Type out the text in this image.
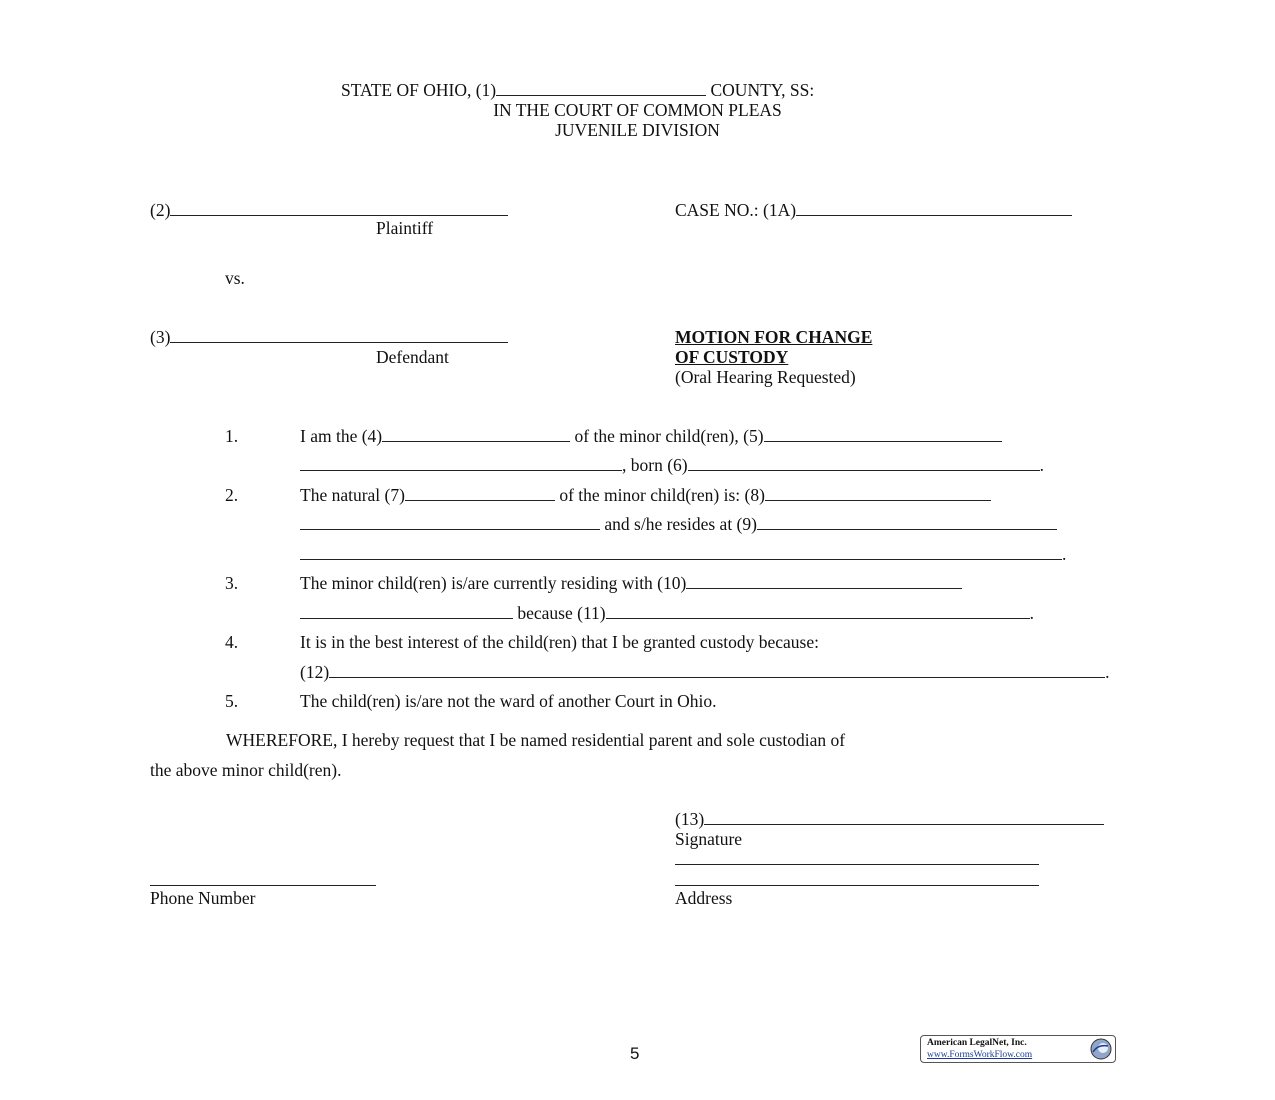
STATE OF OHIO, (1)	COUNTY, SS:
IN THE COURT OF COMMON PLEAS
JUVENILE DIVISION
(2)
Plaintiff
CASE NO.: (1A)
vs.
(3)
Defendant
MOTION FOR CHANGE
OF CUSTODY
(Oral Hearing Requested)
1.	I am the (4)	of the minor child(ren), (5)
, born (6)	.
2.	The natural (7)	of the minor child(ren) is: (8)
and s/he resides at (9)
.
3.	The minor child(ren) is/are currently residing with (10)
because (11)	.
4.	It is in the best interest of the child(ren) that I be granted custody because:
(12)	.
5.	The child(ren) is/are not the ward of another Court in Ohio.
WHEREFORE, I hereby request that I be named residential parent and sole custodian of
the above minor child(ren).
(13)
Signature
Address
Phone Number
5
American LegalNet, Inc.
www.FormsWorkFlow.com
